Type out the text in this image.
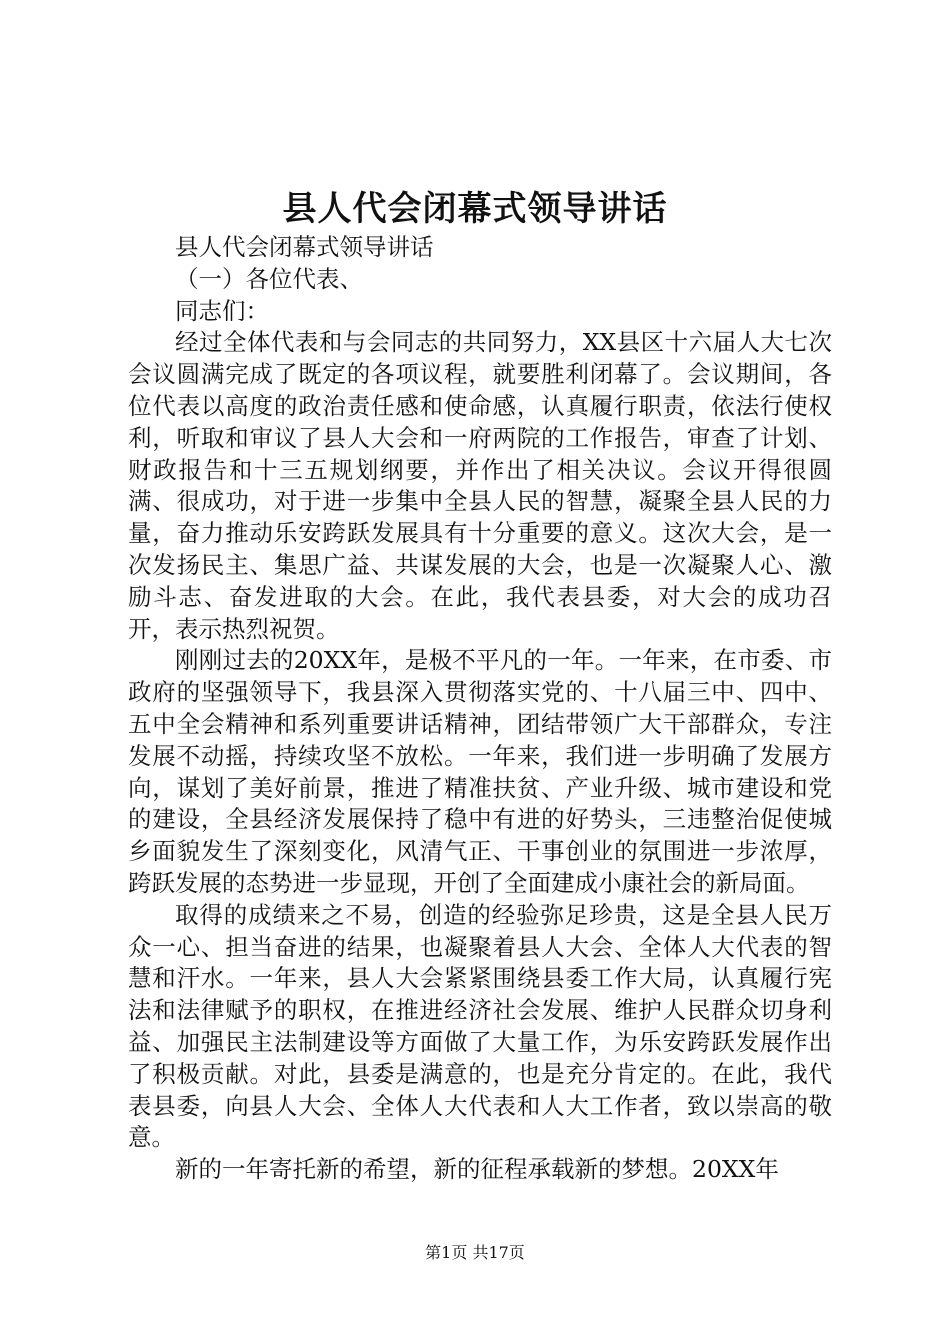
县人代会闭幕式领导讲话

县人代会闭幕式领导讲话

（一）各位代表、

同志们：

经过全体代表和与会同志的共同努力，XX县区十六届人大七次会议圆满完成了既定的各项议程，就要胜利闭幕了。会议期间，各位代表以高度的政治责任感和使命感，认真履行职责，依法行使权利，听取和审议了县人大会和一府两院的工作报告，审查了计划、财政报告和十三五规划纲要，并作出了相关决议。会议开得很圆满、很成功，对于进一步集中全县人民的智慧，凝聚全县人民的力量，奋力推动乐安跨跃发展具有十分重要的意义。这次大会，是一次发扬民主、集思广益、共谋发展的大会，也是一次凝聚人心、激励斗志、奋发进取的大会。在此，我代表县委，对大会的成功召开，表示热烈祝贺。

刚刚过去的20XX年，是极不平凡的一年。一年来，在市委、市政府的坚强领导下，我县深入贯彻落实党的、十八届三中、四中、五中全会精神和系列重要讲话精神，团结带领广大干部群众，专注发展不动摇，持续攻坚不放松。一年来，我们进一步明确了发展方向，谋划了美好前景，推进了精准扶贫、产业升级、城市建设和党的建设，全县经济发展保持了稳中有进的好势头，三违整治促使城乡面貌发生了深刻变化，风清气正、干事创业的氛围进一步浓厚，跨跃发展的态势进一步显现，开创了全面建成小康社会的新局面。

取得的成绩来之不易，创造的经验弥足珍贵，这是全县人民万众一心、担当奋进的结果，也凝聚着县人大会、全体人大代表的智慧和汗水。一年来，县人大会紧紧围绕县委工作大局，认真履行宪法和法律赋予的职权，在推进经济社会发展、维护人民群众切身利益、加强民主法制建设等方面做了大量工作，为乐安跨跃发展作出了积极贡献。对此，县委是满意的，也是充分肯定的。在此，我代表县委，向县人大会、全体人大代表和人大工作者，致以崇高的敬意。

新的一年寄托新的希望，新的征程承载新的梦想。20XX年

第1页 共17页
